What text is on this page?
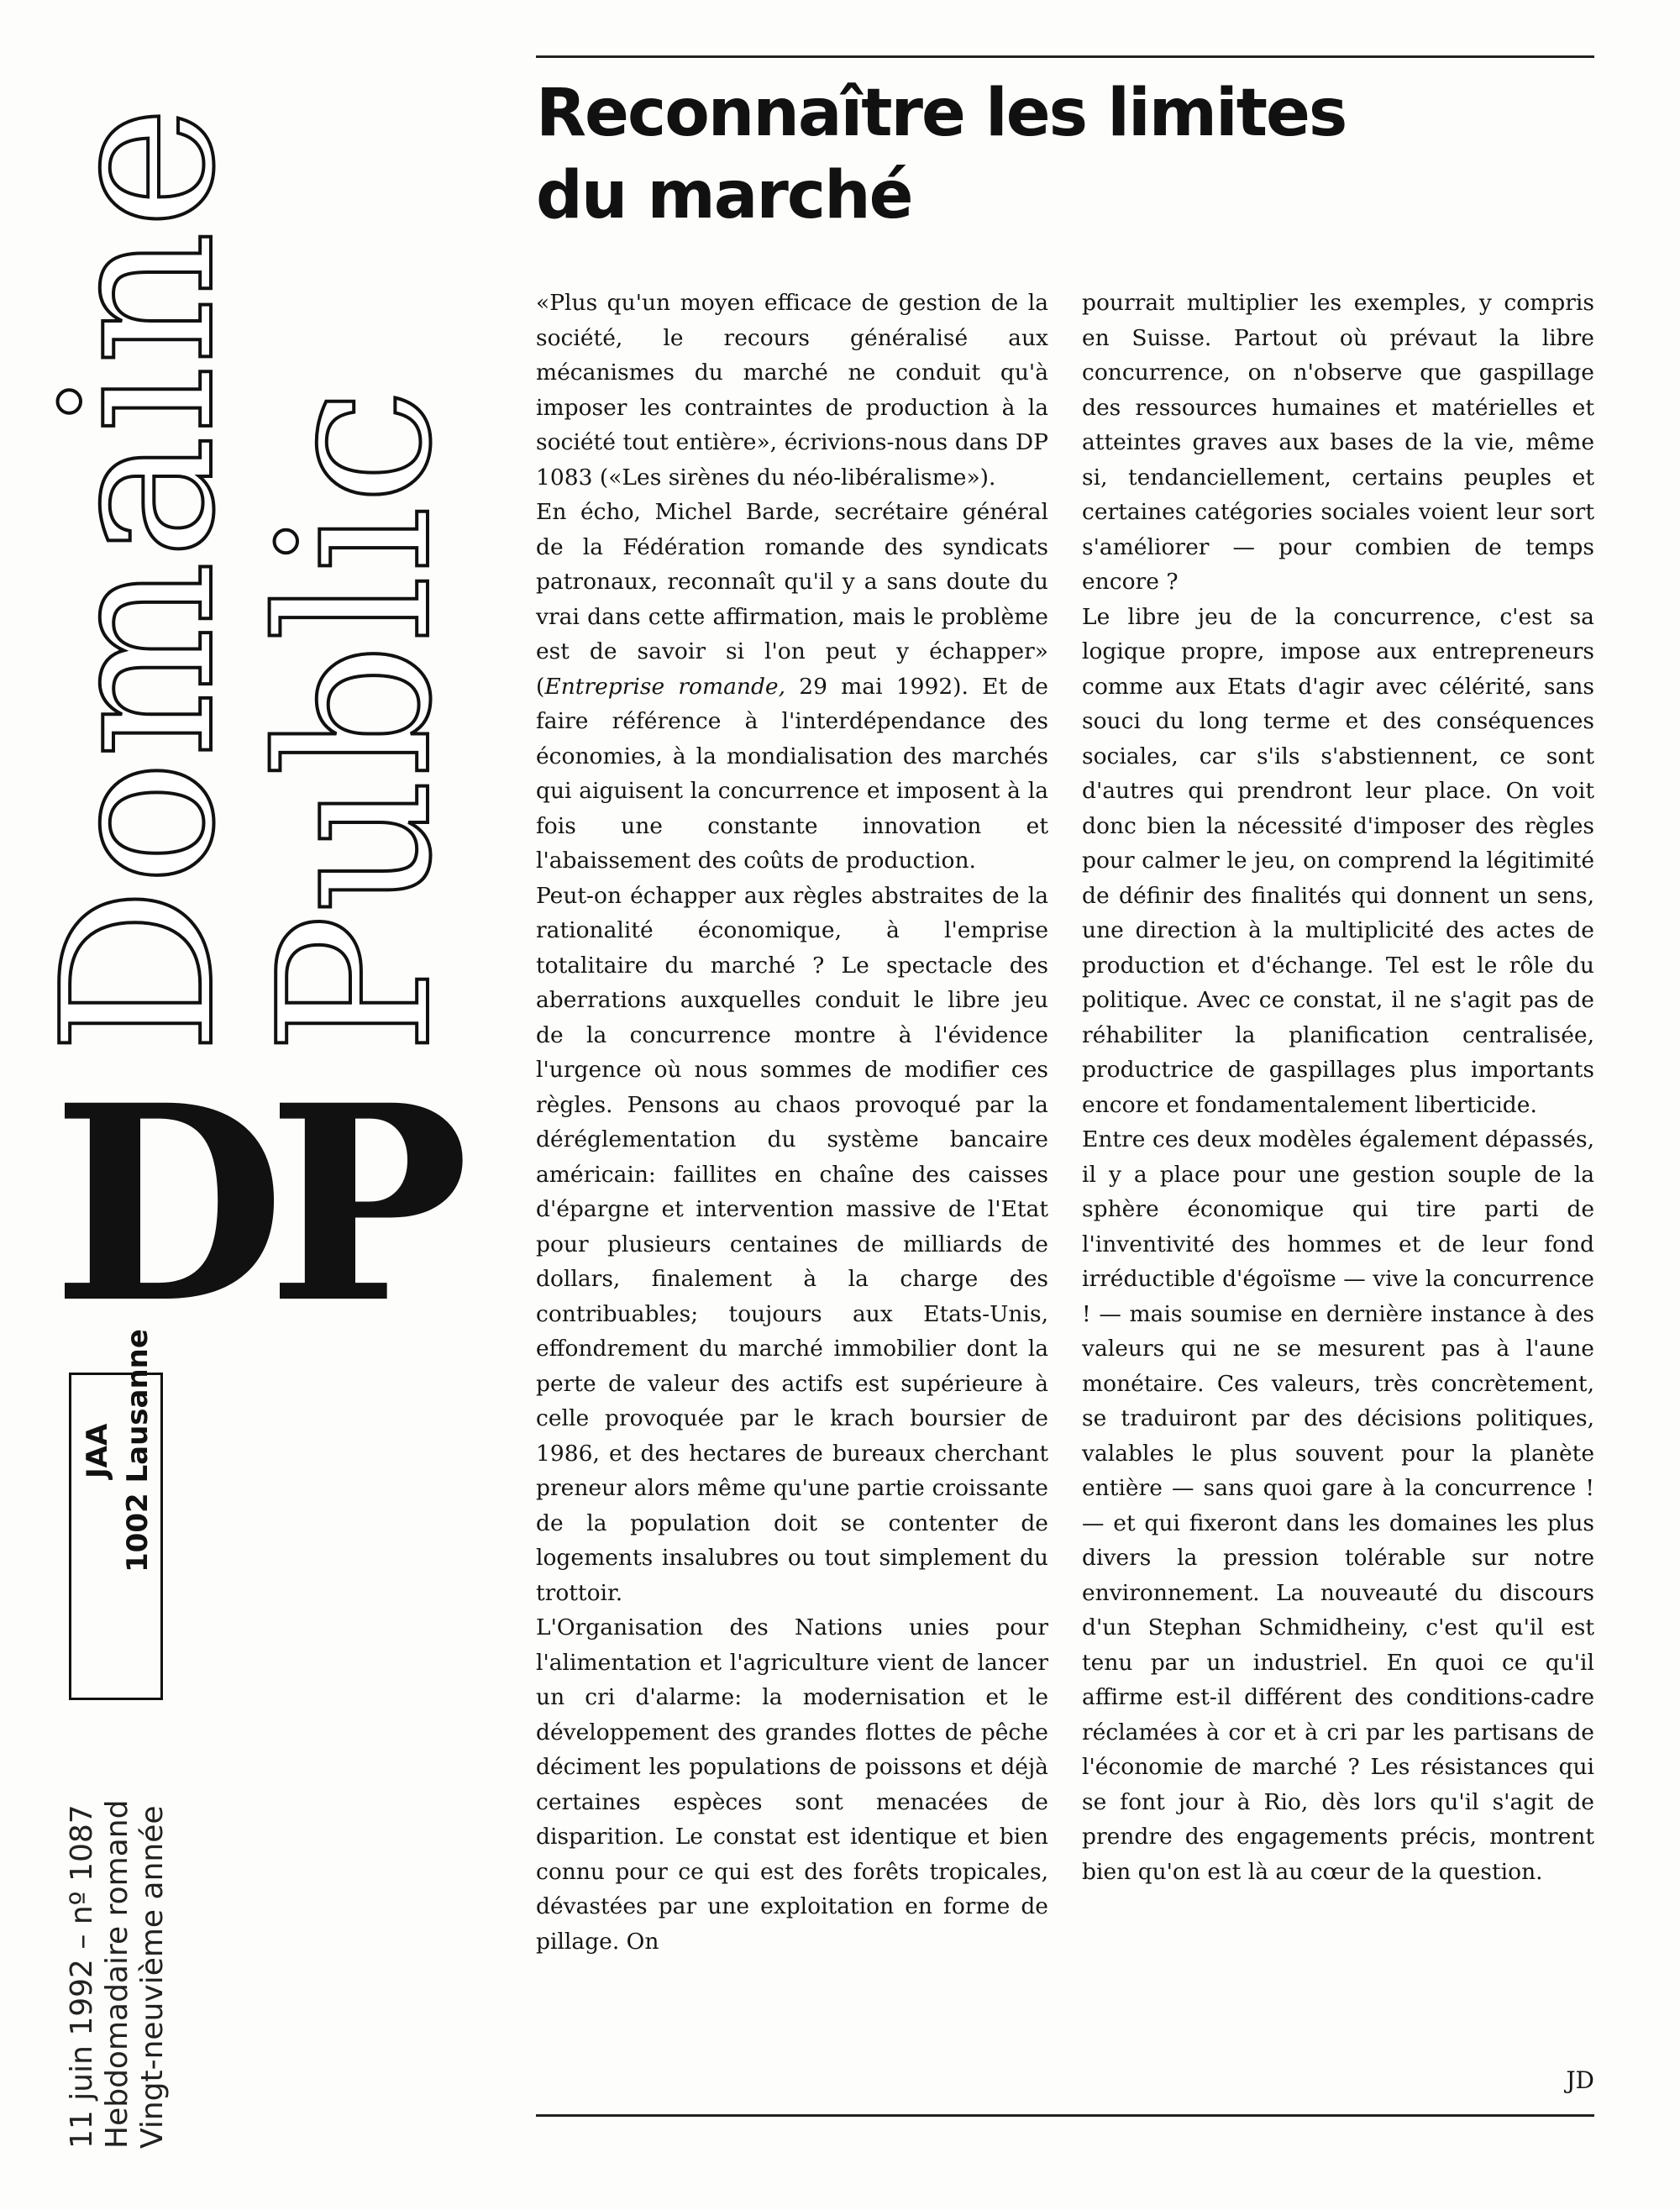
Domaine
Public
D
P
JAA 1002 Lausanne
11 juin 1992 – nº 1087 Hebdomadaire romand Vingt-neuvième année
Reconnaître les limites
du marché

«Plus qu'un moyen efficace de gestion de la société, le recours généralisé aux mécanismes du marché ne conduit qu'à imposer les contraintes de production à la société tout entière», écrivions-nous dans DP 1083 («Les sirènes du néo-libéralisme»).

En écho, Michel Barde, secrétaire général de la Fédération romande des syndicats patronaux, reconnaît qu'il y a sans doute du vrai dans cette affirmation, mais le problème est de savoir si l'on peut y échapper» (Entreprise romande, 29 mai 1992). Et de faire référence à l'interdépendance des économies, à la mondialisation des marchés qui aiguisent la concurrence et imposent à la fois une constante innovation et l'abaissement des coûts de production.

Peut-on échapper aux règles abstraites de la rationalité économique, à l'emprise totalitaire du marché ? Le spectacle des aberrations auxquelles conduit le libre jeu de la concurrence montre à l'évidence l'urgence où nous sommes de modifier ces règles. Pensons au chaos provoqué par la déréglementation du système bancaire américain: faillites en chaîne des caisses d'épargne et intervention massive de l'Etat pour plusieurs centaines de milliards de dollars, finalement à la charge des contribuables; toujours aux Etats-Unis, effondrement du marché immobilier dont la perte de valeur des actifs est supérieure à celle provoquée par le krach boursier de 1986, et des hectares de bureaux cherchant preneur alors même qu'une partie croissante de la population doit se contenter de logements insalubres ou tout simplement du trottoir.

L'Organisation des Nations unies pour l'alimentation et l'agriculture vient de lancer un cri d'alarme: la modernisation et le développement des grandes flottes de pêche déciment les populations de poissons et déjà certaines espèces sont menacées de disparition. Le constat est identique et bien connu pour ce qui est des forêts tropicales, dévastées par une exploitation en forme de pillage. On

pourrait multiplier les exemples, y compris en Suisse. Partout où prévaut la libre concurrence, on n'observe que gaspillage des ressources humaines et matérielles et atteintes graves aux bases de la vie, même si, tendanciellement, certains peuples et certaines catégories sociales voient leur sort s'améliorer — pour combien de temps encore ?

Le libre jeu de la concurrence, c'est sa logique propre, impose aux entrepreneurs comme aux Etats d'agir avec célérité, sans souci du long terme et des conséquences sociales, car s'ils s'abstiennent, ce sont d'autres qui prendront leur place. On voit donc bien la nécessité d'imposer des règles pour calmer le jeu, on comprend la légitimité de définir des finalités qui donnent un sens, une direction à la multiplicité des actes de production et d'échange. Tel est le rôle du politique. Avec ce constat, il ne s'agit pas de réhabiliter la planification centralisée, productrice de gaspillages plus importants encore et fondamentalement liberticide.

Entre ces deux modèles également dépassés, il y a place pour une gestion souple de la sphère économique qui tire parti de l'inventivité des hommes et de leur fond irréductible d'égoïsme — vive la concurrence ! — mais soumise en dernière instance à des valeurs qui ne se mesurent pas à l'aune monétaire. Ces valeurs, très concrètement, se traduiront par des décisions politiques, valables le plus souvent pour la planète entière — sans quoi gare à la concurrence ! — et qui fixeront dans les domaines les plus divers la pression tolérable sur notre environnement. La nouveauté du discours d'un Stephan Schmidheiny, c'est qu'il est tenu par un industriel. En quoi ce qu'il affirme est-il différent des conditions-cadre réclamées à cor et à cri par les partisans de l'économie de marché ? Les résistances qui se font jour à Rio, dès lors qu'il s'agit de prendre des engagements précis, montrent bien qu'on est là au cœur de la question.

JD
